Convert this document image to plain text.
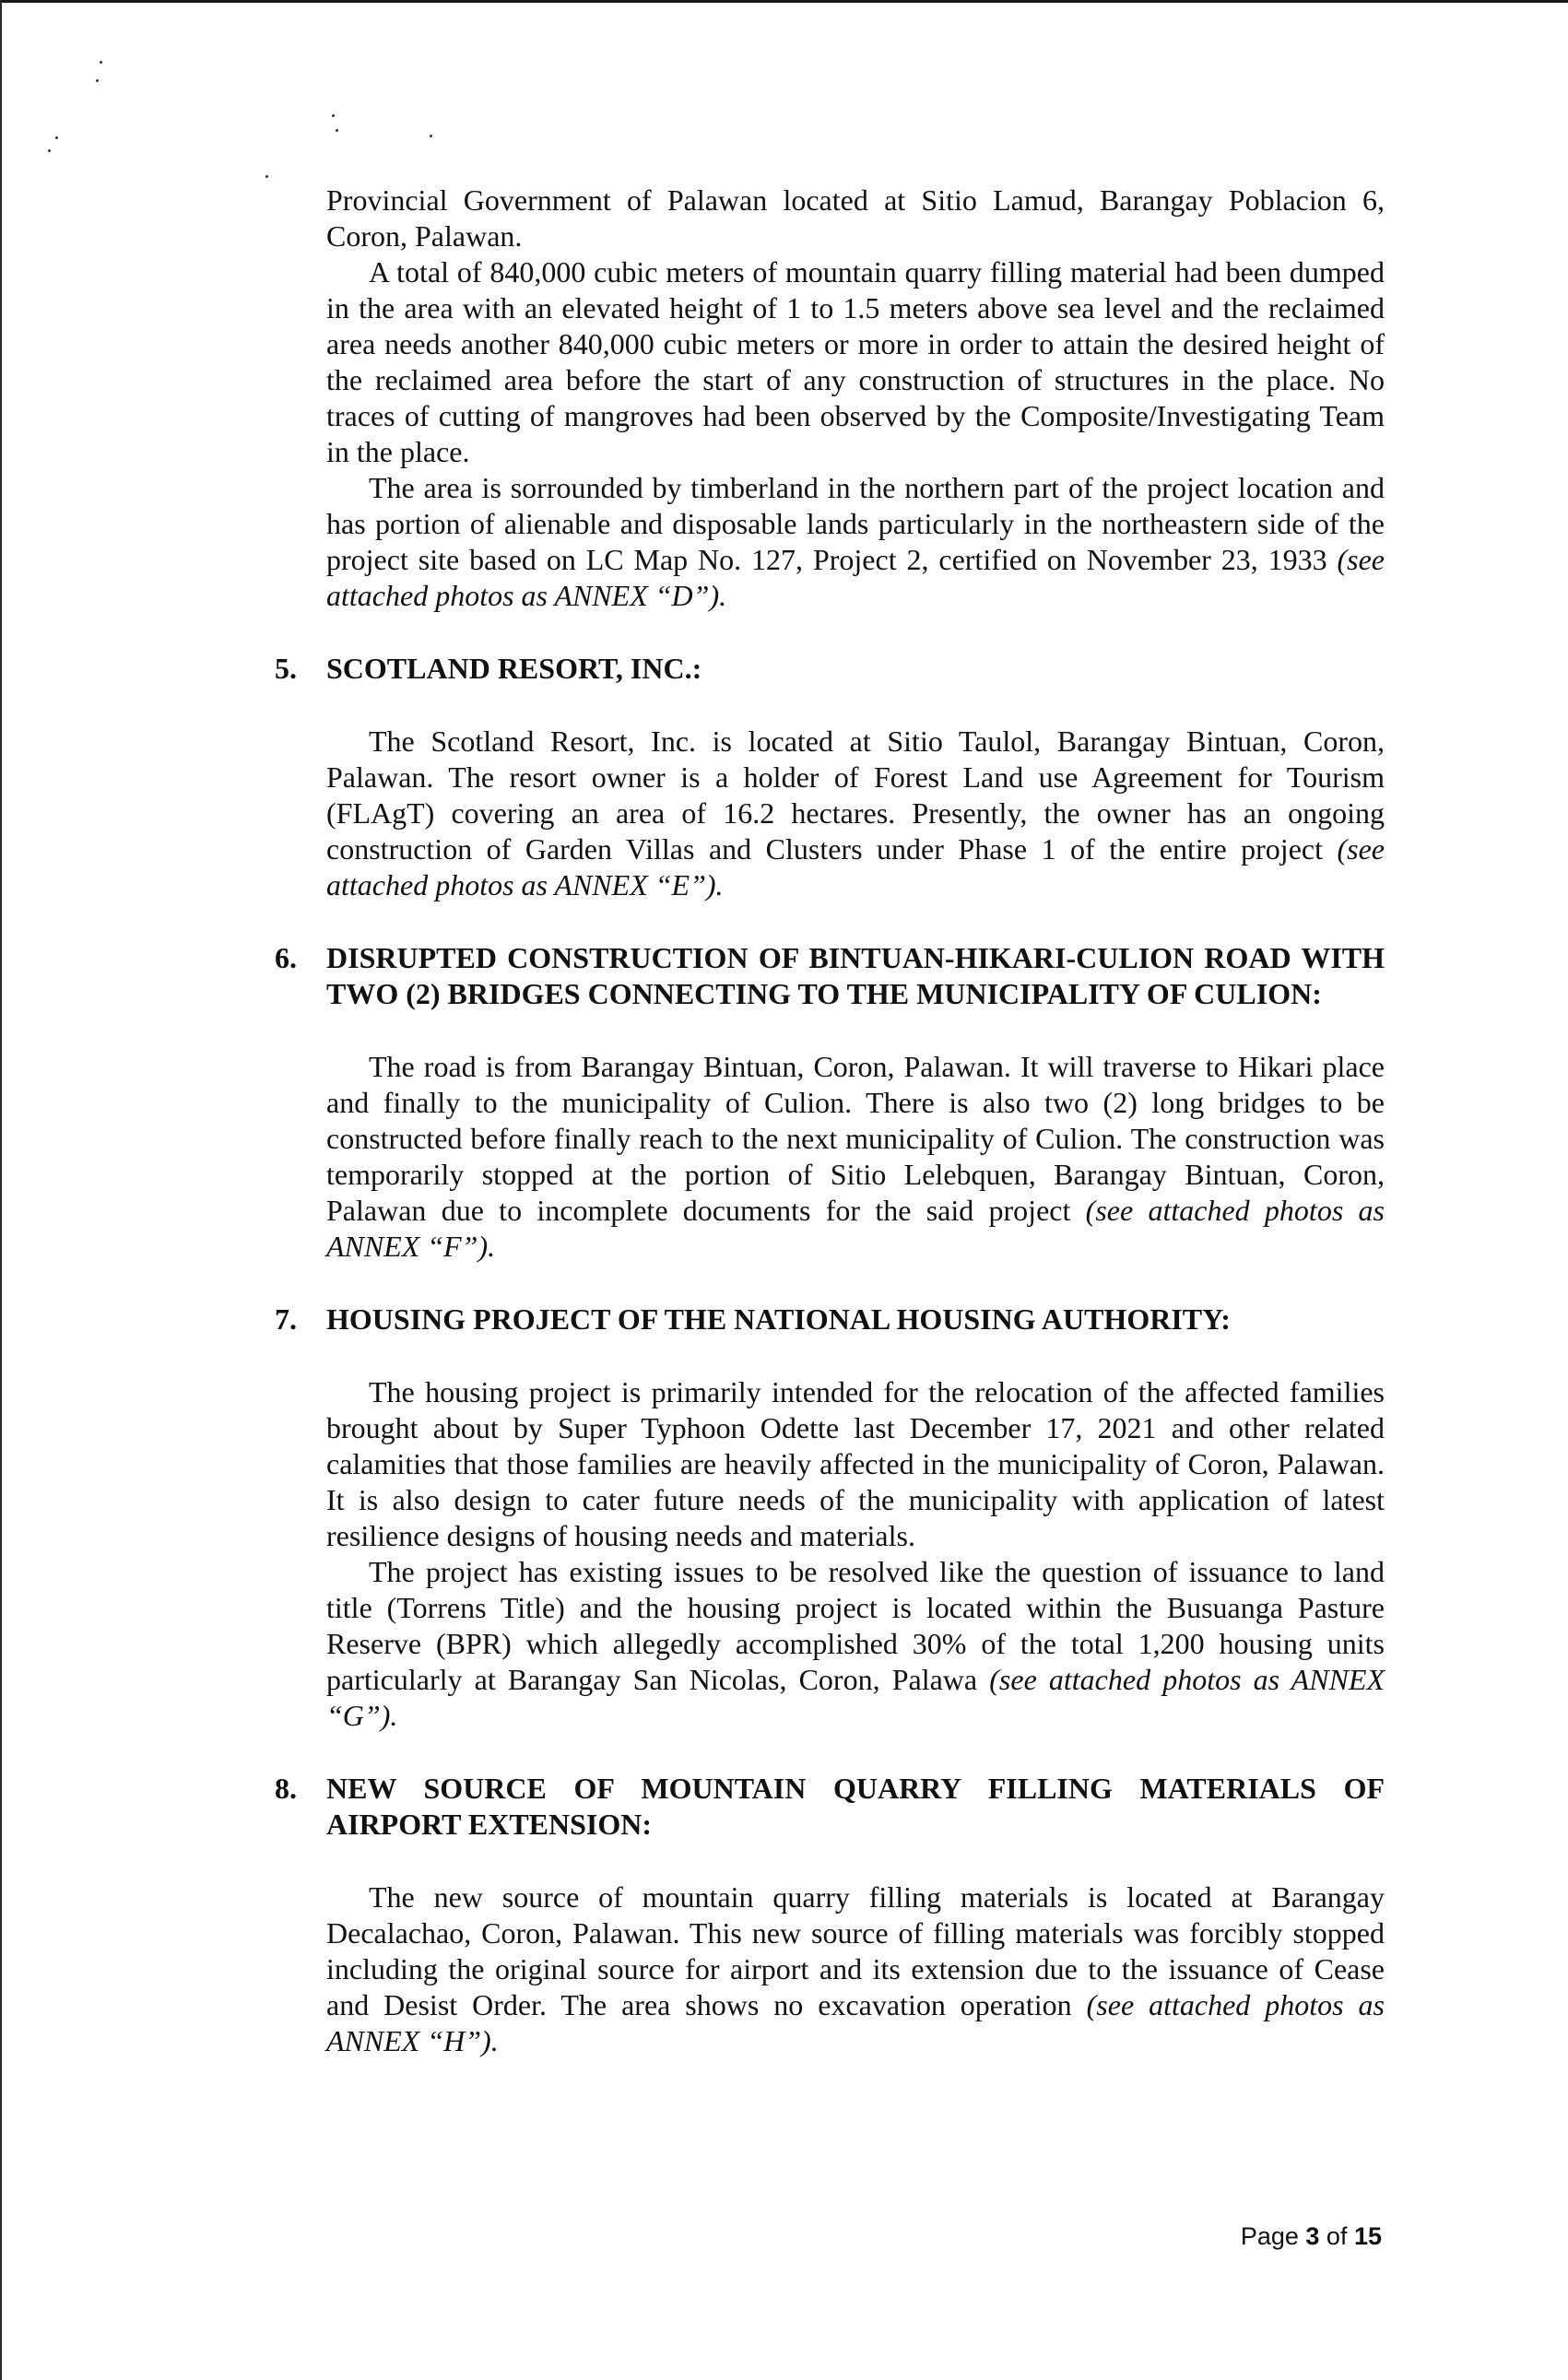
Provincial Government of Palawan located at Sitio Lamud, Barangay Poblacion 6, Coron, Palawan.

A total of 840,000 cubic meters of mountain quarry filling material had been dumped in the area with an elevated height of 1 to 1.5 meters above sea level and the reclaimed area needs another 840,000 cubic meters or more in order to attain the desired height of the reclaimed area before the start of any construction of structures in the place. No traces of cutting of mangroves had been observed by the Composite/Investigating Team in the place.

The area is sorrounded by timberland in the northern part of the project location and has portion of alienable and disposable lands particularly in the northeastern side of the project site based on LC Map No. 127, Project 2, certified on November 23, 1933 (see attached photos as ANNEX “D”).

5. SCOTLAND RESORT, INC.:

The Scotland Resort, Inc. is located at Sitio Taulol, Barangay Bintuan, Coron, Palawan. The resort owner is a holder of Forest Land use Agreement for Tourism (FLAgT) covering an area of 16.2 hectares. Presently, the owner has an ongoing construction of Garden Villas and Clusters under Phase 1 of the entire project (see attached photos as ANNEX “E”).

6. DISRUPTED CONSTRUCTION OF BINTUAN-HIKARI-CULION ROAD WITH TWO (2) BRIDGES CONNECTING TO THE MUNICIPALITY OF CULION:

The road is from Barangay Bintuan, Coron, Palawan. It will traverse to Hikari place and finally to the municipality of Culion. There is also two (2) long bridges to be constructed before finally reach to the next municipality of Culion. The construction was temporarily stopped at the portion of Sitio Lelebquen, Barangay Bintuan, Coron, Palawan due to incomplete documents for the said project (see attached photos as ANNEX “F”).

7. HOUSING PROJECT OF THE NATIONAL HOUSING AUTHORITY:

The housing project is primarily intended for the relocation of the affected families brought about by Super Typhoon Odette last December 17, 2021 and other related calamities that those families are heavily affected in the municipality of Coron, Palawan. It is also design to cater future needs of the municipality with application of latest resilience designs of housing needs and materials.

The project has existing issues to be resolved like the question of issuance to land title (Torrens Title) and the housing project is located within the Busuanga Pasture Reserve (BPR) which allegedly accomplished 30% of the total 1,200 housing units particularly at Barangay San Nicolas, Coron, Palawa (see attached photos as ANNEX “G”).

8. NEW SOURCE OF MOUNTAIN QUARRY FILLING MATERIALS OF AIRPORT EXTENSION:

The new source of mountain quarry filling materials is located at Barangay Decalachao, Coron, Palawan. This new source of filling materials was forcibly stopped including the original source for airport and its extension due to the issuance of Cease and Desist Order. The area shows no excavation operation (see attached photos as ANNEX “H”).

Page 3 of 15
